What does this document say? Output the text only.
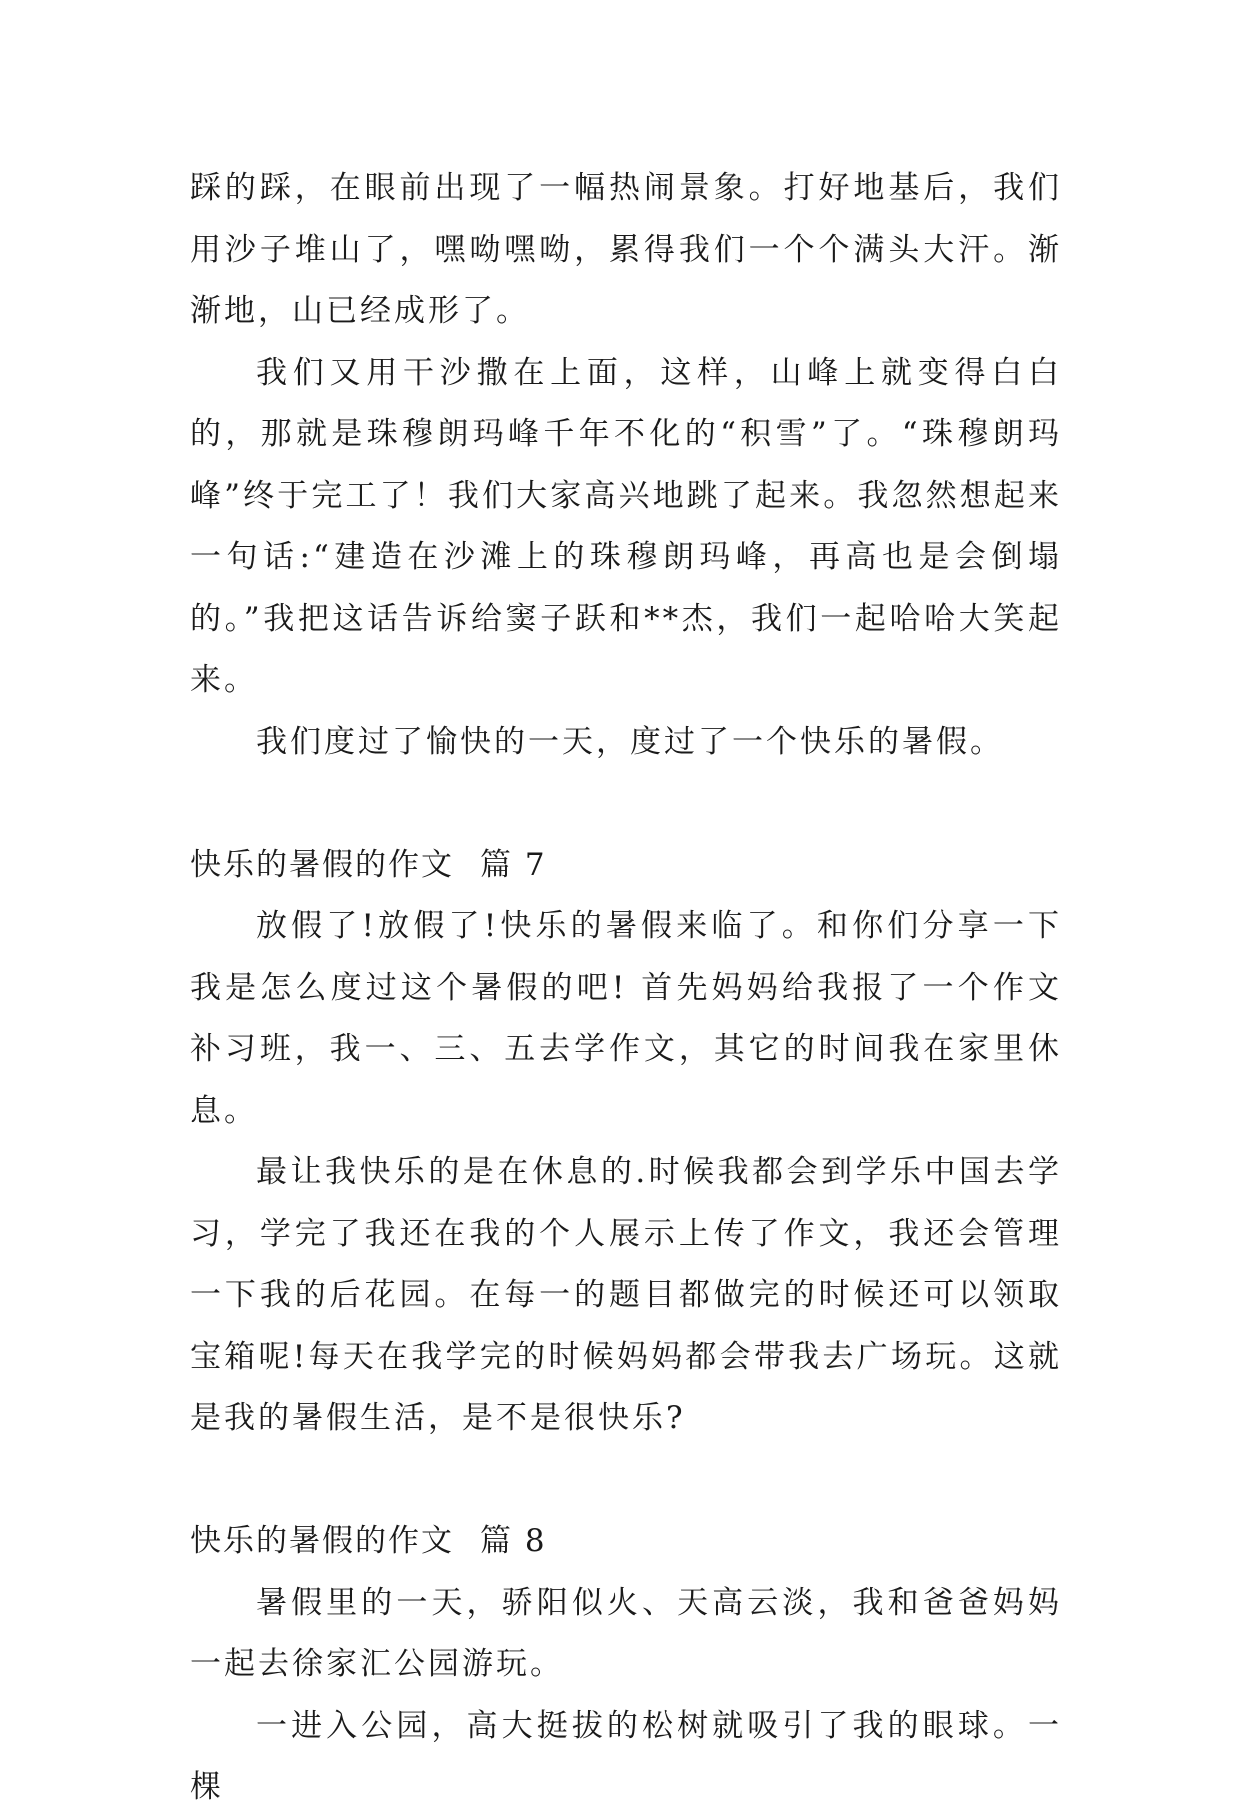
踩的踩，在眼前出现了一幅热闹景象。打好地基后，我们用沙子堆山了，嘿呦嘿呦，累得我们一个个满头大汗。渐渐地，山已经成形了。

我们又用干沙撒在上面，这样，山峰上就变得白白的，那就是珠穆朗玛峰千年不化的“积雪”了。“珠穆朗玛峰”终于完工了！我们大家高兴地跳了起来。我忽然想起来一句话:“建造在沙滩上的珠穆朗玛峰，再高也是会倒塌的。”我把这话告诉给窦子跃和**杰，我们一起哈哈大笑起来。

我们度过了愉快的一天，度过了一个快乐的暑假。

快乐的暑假的作文 篇 7

放假了!放假了!快乐的暑假来临了。和你们分享一下我是怎么度过这个暑假的吧! 首先妈妈给我报了一个作文补习班，我一、三、五去学作文，其它的时间我在家里休息。

最让我快乐的是在休息的.时候我都会到学乐中国去学习，学完了我还在我的个人展示上传了作文，我还会管理一下我的后花园。在每一的题目都做完的时候还可以领取宝箱呢!每天在我学完的时候妈妈都会带我去广场玩。这就是我的暑假生活，是不是很快乐?

快乐的暑假的作文 篇 8

暑假里的一天，骄阳似火、天高云淡，我和爸爸妈妈一起去徐家汇公园游玩。

一进入公园，高大挺拔的松树就吸引了我的眼球。一棵
